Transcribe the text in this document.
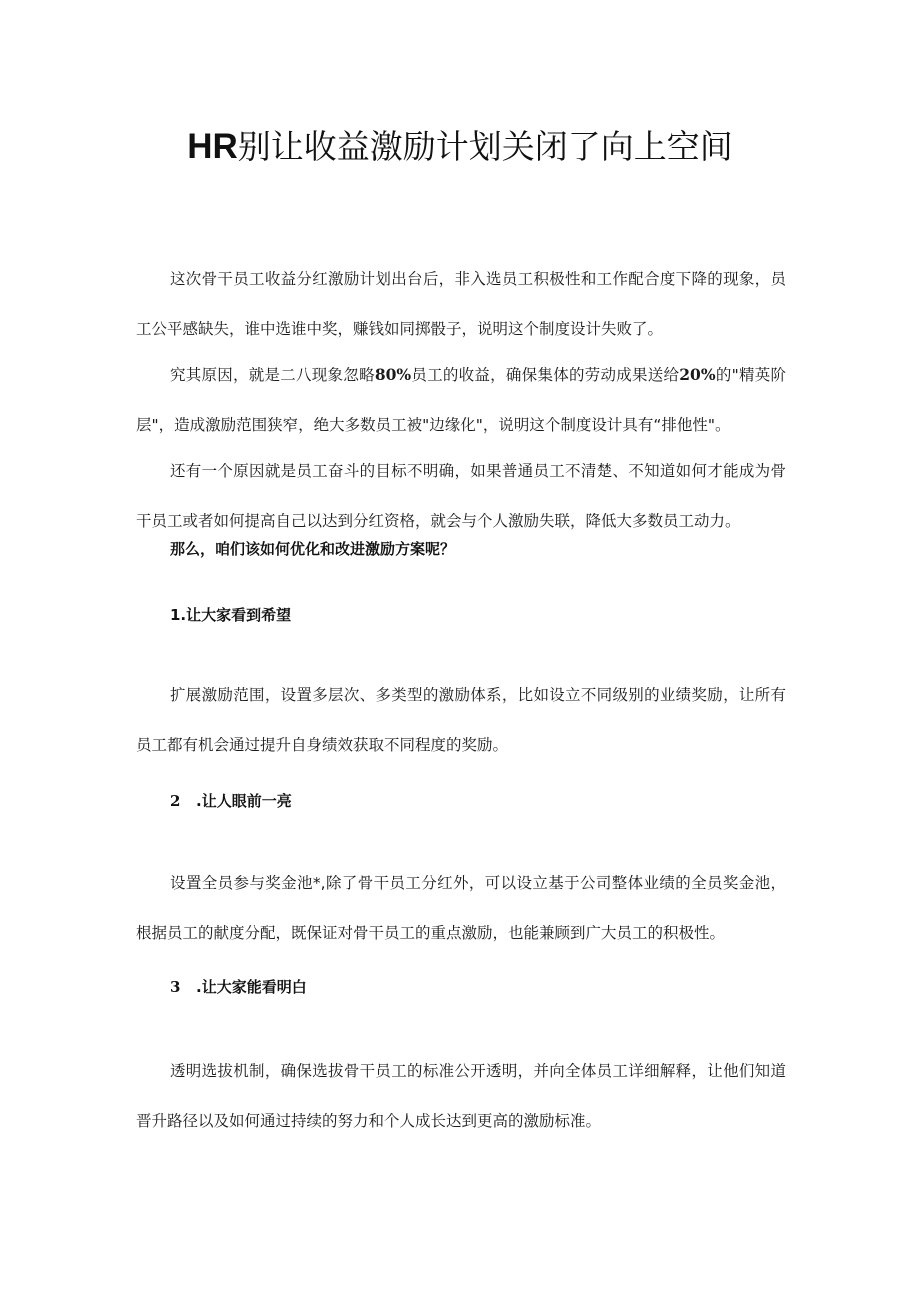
HR别让收益激励计划关闭了向上空间

这次骨干员工收益分红激励计划出台后，非入选员工积极性和工作配合度下降的现象，员工公平感缺失，谁中选谁中奖，赚钱如同掷骰子，说明这个制度设计失败了。

究其原因，就是二八现象忽略80%员工的收益，确保集体的劳动成果送给20%的"精英阶层"，造成激励范围狭窄，绝大多数员工被"边缘化"，说明这个制度设计具有“排他性"。

还有一个原因就是员工奋斗的目标不明确，如果普通员工不清楚、不知道如何才能成为骨干员工或者如何提高自己以达到分红资格，就会与个人激励失联，降低大多数员工动力。

那么，咱们该如何优化和改进激励方案呢？

1.让大家看到希望

扩展激励范围，设置多层次、多类型的激励体系，比如设立不同级别的业绩奖励，让所有员工都有机会通过提升自身绩效获取不同程度的奖励。

2 .让人眼前一亮

设置全员参与奖金池*,除了骨干员工分红外，可以设立基于公司整体业绩的全员奖金池，根据员工的献度分配，既保证对骨干员工的重点激励，也能兼顾到广大员工的积极性。

3 .让大家能看明白

透明选拔机制，确保选拔骨干员工的标准公开透明，并向全体员工详细解释，让他们知道晋升路径以及如何通过持续的努力和个人成长达到更高的激励标准。
